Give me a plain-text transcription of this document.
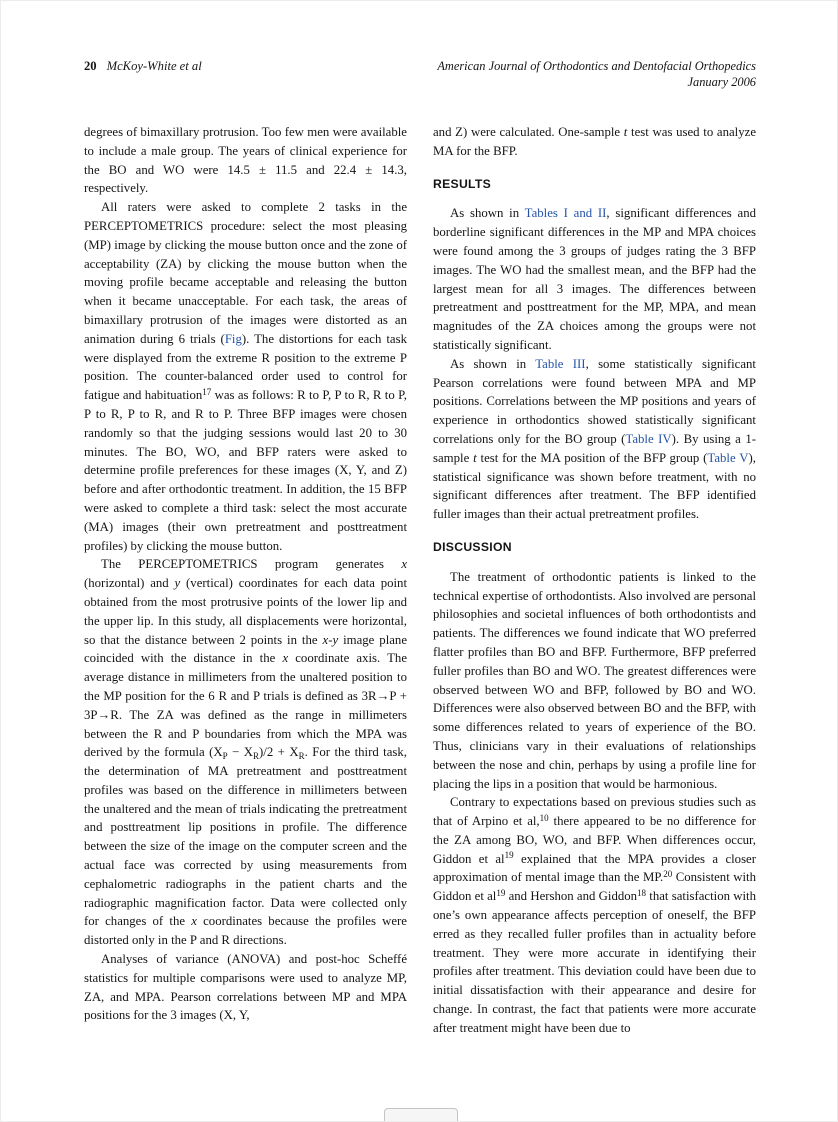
20 McKoy-White et al	American Journal of Orthodontics and Dentofacial Orthopedics
January 2006

degrees of bimaxillary protrusion. Too few men were available to include a male group. The years of clinical experience for the BO and WO were 14.5 ± 11.5 and 22.4 ± 14.3, respectively.

All raters were asked to complete 2 tasks in the PERCEPTOMETRICS procedure: select the most pleasing (MP) image by clicking the mouse button once and the zone of acceptability (ZA) by clicking the mouse button when the moving profile became acceptable and releasing the button when it became unacceptable. For each task, the areas of bimaxillary protrusion of the images were distorted as an animation during 6 trials (Fig). The distortions for each task were displayed from the extreme R position to the extreme P position. The counter-balanced order used to control for fatigue and habituation$^{17}$ was as follows: R to P, P to R, R to P, P to R, P to R, and R to P. Three BFP images were chosen randomly so that the judging sessions would last 20 to 30 minutes. The BO, WO, and BFP raters were asked to determine profile preferences for these images (X, Y, and Z) before and after orthodontic treatment. In addition, the 15 BFP were asked to complete a third task: select the most accurate (MA) images (their own pretreatment and posttreatment profiles) by clicking the mouse button.

The PERCEPTOMETRICS program generates x (horizontal) and y (vertical) coordinates for each data point obtained from the most protrusive points of the lower lip and the upper lip. In this study, all displacements were horizontal, so that the distance between 2 points in the x-y image plane coincided with the distance in the x coordinate axis. The average distance in millimeters from the unaltered position to the MP position for the 6 R and P trials is defined as 3R→P + 3P→R. The ZA was defined as the range in millimeters between the R and P boundaries from which the MPA was derived by the formula $(X_P - X_R)/2 + X_R$. For the third task, the determination of MA pretreatment and posttreatment profiles was based on the difference in millimeters between the unaltered and the mean of trials indicating the pretreatment and posttreatment lip positions in profile. The difference between the size of the image on the computer screen and the actual face was corrected by using measurements from cephalometric radiographs in the patient charts and the radiographic magnification factor. Data were collected only for changes of the x coordinates because the profiles were distorted only in the P and R directions.

Analyses of variance (ANOVA) and post-hoc Scheffé statistics for multiple comparisons were used to analyze MP, ZA, and MPA. Pearson correlations between MP and MPA positions for the 3 images (X, Y,

and Z) were calculated. One-sample t test was used to analyze MA for the BFP.

RESULTS

As shown in Tables I and II, significant differences and borderline significant differences in the MP and MPA choices were found among the 3 groups of judges rating the 3 BFP images. The WO had the smallest mean, and the BFP had the largest mean for all 3 images. The differences between pretreatment and posttreatment for the MP, MPA, and mean magnitudes of the ZA choices among the groups were not statistically significant.

As shown in Table III, some statistically significant Pearson correlations were found between MPA and MP positions. Correlations between the MP positions and years of experience in orthodontics showed statistically significant correlations only for the BO group (Table IV). By using a 1-sample t test for the MA position of the BFP group (Table V), statistical significance was shown before treatment, with no significant differences after treatment. The BFP identified fuller images than their actual pretreatment profiles.

DISCUSSION

The treatment of orthodontic patients is linked to the technical expertise of orthodontists. Also involved are personal philosophies and societal influences of both orthodontists and patients. The differences we found indicate that WO preferred flatter profiles than BO and BFP. Furthermore, BFP preferred fuller profiles than BO and WO. The greatest differences were observed between WO and BFP, followed by BO and WO. Differences were also observed between BO and the BFP, with some differences related to years of experience of the BO. Thus, clinicians vary in their evaluations of relationships between the nose and chin, perhaps by using a profile line for placing the lips in a position that would be harmonious.

Contrary to expectations based on previous studies such as that of Arpino et al,$^{10}$ there appeared to be no difference for the ZA among BO, WO, and BFP. When differences occur, Giddon et $al^{19}$ explained that the MPA provides a closer approximation of mental image than the MP.$^{20}$ Consistent with Giddon et $al^{19}$ and Hershon and Giddon$^{18}$ that satisfaction with one’s own appearance affects perception of oneself, the BFP erred as they recalled fuller profiles than in actuality before treatment. They were more accurate in identifying their profiles after treatment. This deviation could have been due to initial dissatisfaction with their appearance and desire for change. In contrast, the fact that patients were more accurate after treatment might have been due to
